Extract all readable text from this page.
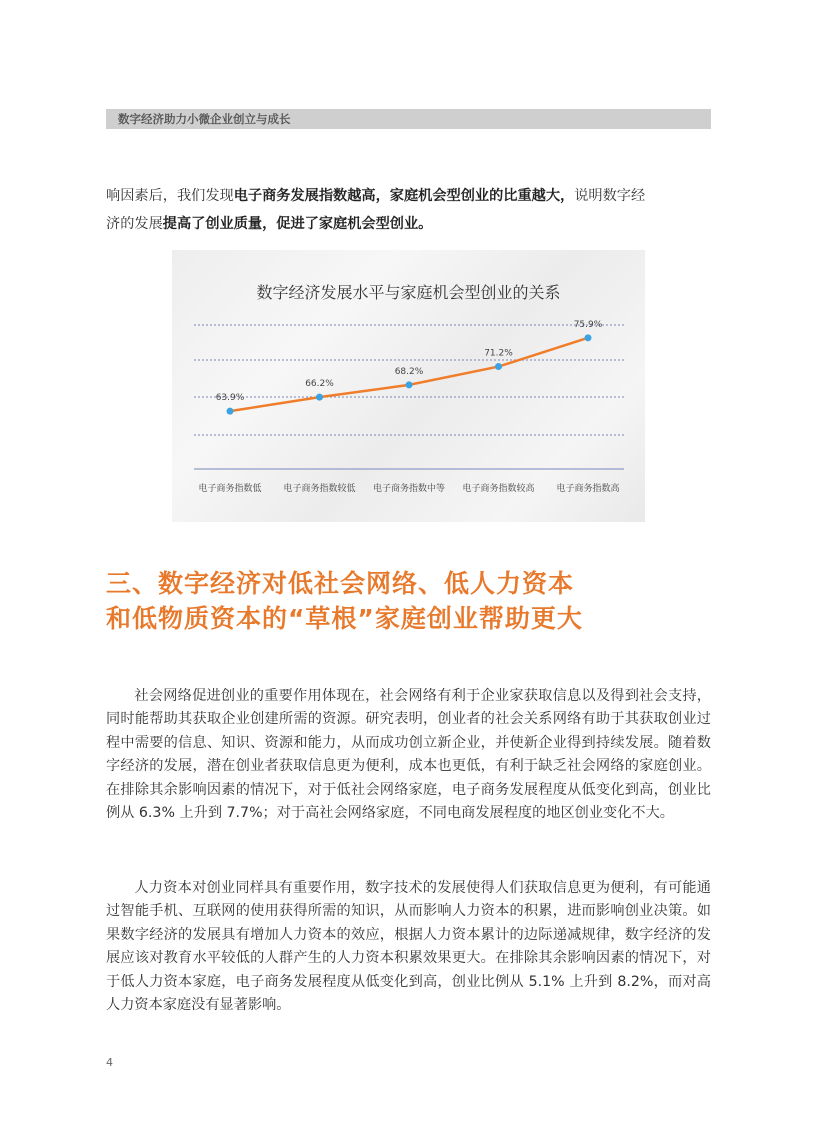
数字经济助力小微企业创立与成长
响因素后，我们发现电子商务发展指数越高，家庭机会型创业的比重越大，说明数字经
济的发展提高了创业质量，促进了家庭机会型创业。
数字经济发展水平与家庭机会型创业的关系
63.9%
66.2%
68.2%
71.2%
75.9%
电子商务指数低 电子商务指数较低 电子商务指数中等 电子商务指数较高 电子商务指数高
三、数字经济对低社会网络、低人力资本
和低物质资本的“草根”家庭创业帮助更大
社会网络促进创业的重要作用体现在，社会网络有利于企业家获取信息以及得到社会支持，同时能帮助其获取企业创建所需的资源。研究表明，创业者的社会关系网络有助于其获取创业过程中需要的信息、知识、资源和能力，从而成功创立新企业，并使新企业得到持续发展。随着数字经济的发展，潜在创业者获取信息更为便利，成本也更低，有利于缺乏社会网络的家庭创业。在排除其余影响因素的情况下，对于低社会网络家庭，电子商务发展程度从低变化到高，创业比例从 6.3% 上升到 7.7%；对于高社会网络家庭，不同电商发展程度的地区创业变化不大。
人力资本对创业同样具有重要作用，数字技术的发展使得人们获取信息更为便利，有可能通过智能手机、互联网的使用获得所需的知识，从而影响人力资本的积累，进而影响创业决策。如果数字经济的发展具有增加人力资本的效应，根据人力资本累计的边际递减规律，数字经济的发展应该对教育水平较低的人群产生的人力资本积累效果更大。在排除其余影响因素的情况下，对于低人力资本家庭，电子商务发展程度从低变化到高，创业比例从 5.1% 上升到 8.2%，而对高人力资本家庭没有显著影响。
4
